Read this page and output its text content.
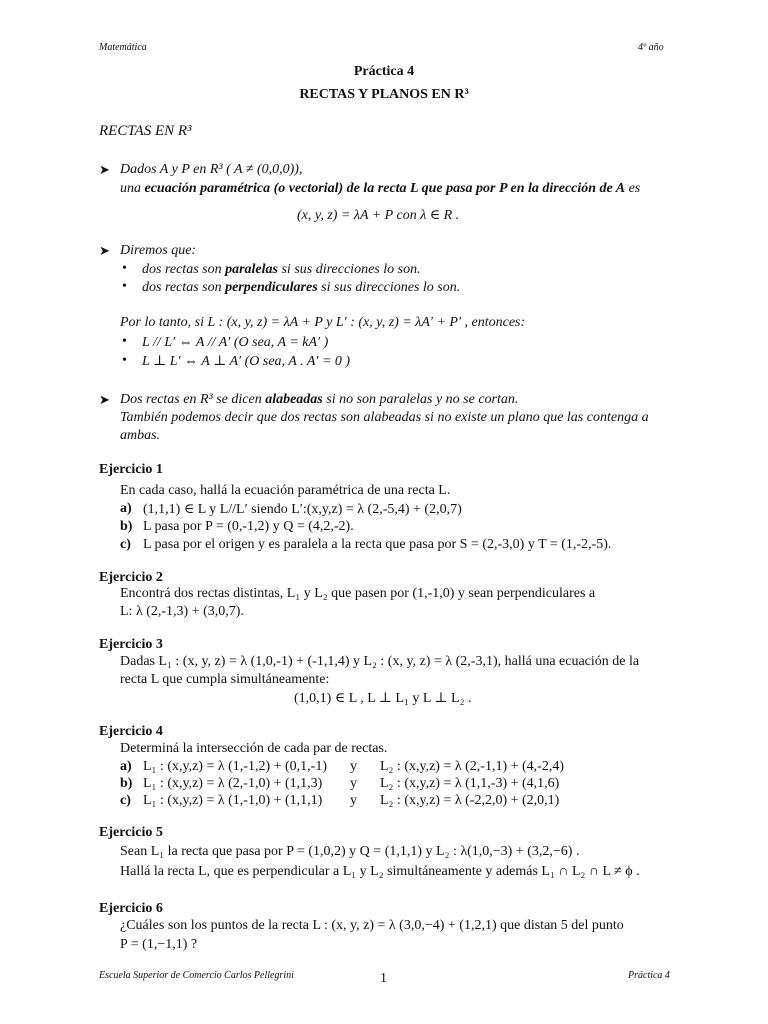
Matemática	4º año
Práctica 4
RECTAS Y PLANOS EN R³
RECTAS EN R³
➤ Dados A y P en R³ ( A ≠ (0,0,0)),
una ecuación paramétrica (o vectorial) de la recta L que pasa por P en la dirección de A es
(x, y, z) = λA + P con λ ∈ R .
➤ Diremos que:
• dos rectas son paralelas si sus direcciones lo son.
• dos rectas son perpendiculares si sus direcciones lo son.
Por lo tanto, si L : (x, y, z) = λA + P y L′ : (x, y, z) = λA′ + P′ , entonces:
• L // L′ ⇔ A // A′ (O sea, A = kA′ )
• L ⊥ L′ ⇔ A ⊥ A′ (O sea, A . A′ = 0 )
➤ Dos rectas en R³ se dicen alabeadas si no son paralelas y no se cortan.
También podemos decir que dos rectas son alabeadas si no existe un plano que las contenga a
ambas.
Ejercicio 1
En cada caso, hallá la ecuación paramétrica de una recta L.
a) (1,1,1) ∈ L y L//L′ siendo L′:(x,y,z) = λ (2,-5,4) + (2,0,7)
b) L pasa por P = (0,-1,2) y Q = (4,2,-2).
c) L pasa por el origen y es paralela a la recta que pasa por S = (2,-3,0) y T = (1,-2,-5).
Ejercicio 2
Encontrá dos rectas distintas, L₁ y L₂ que pasen por (1,-1,0) y sean perpendiculares a
L: λ (2,-1,3) + (3,0,7).
Ejercicio 3
Dadas L₁ : (x, y, z) = λ (1,0,-1) + (-1,1,4) y L₂ : (x, y, z) = λ (2,-3,1), hallá una ecuación de la
recta L que cumpla simultáneamente:
(1,0,1) ∈ L , L ⊥ L₁ y L ⊥ L₂ .
Ejercicio 4
Determiná la intersección de cada par de rectas.
a) L₁ : (x,y,z) = λ (1,-1,2) + (0,1,-1) y L₂ : (x,y,z) = λ (2,-1,1) + (4,-2,4)
b) L₁ : (x,y,z) = λ (2,-1,0) + (1,1,3) y L₂ : (x,y,z) = λ (1,1,-3) + (4,1,6)
c) L₁ : (x,y,z) = λ (1,-1,0) + (1,1,1) y L₂ : (x,y,z) = λ (-2,2,0) + (2,0,1)
Ejercicio 5
Sean L₁ la recta que pasa por P = (1,0,2) y Q = (1,1,1) y L₂ : λ(1,0,−3) + (3,2,−6) .
Hallá la recta L, que es perpendicular a L₁ y L₂ simultáneamente y además L₁ ∩ L₂ ∩ L ≠ ϕ .
Ejercicio 6
¿Cuáles son los puntos de la recta L : (x, y, z) = λ (3,0,−4) + (1,2,1) que distan 5 del punto
P = (1,−1,1) ?
Escuela Superior de Comercio Carlos Pellegrini	1	Práctica 4
